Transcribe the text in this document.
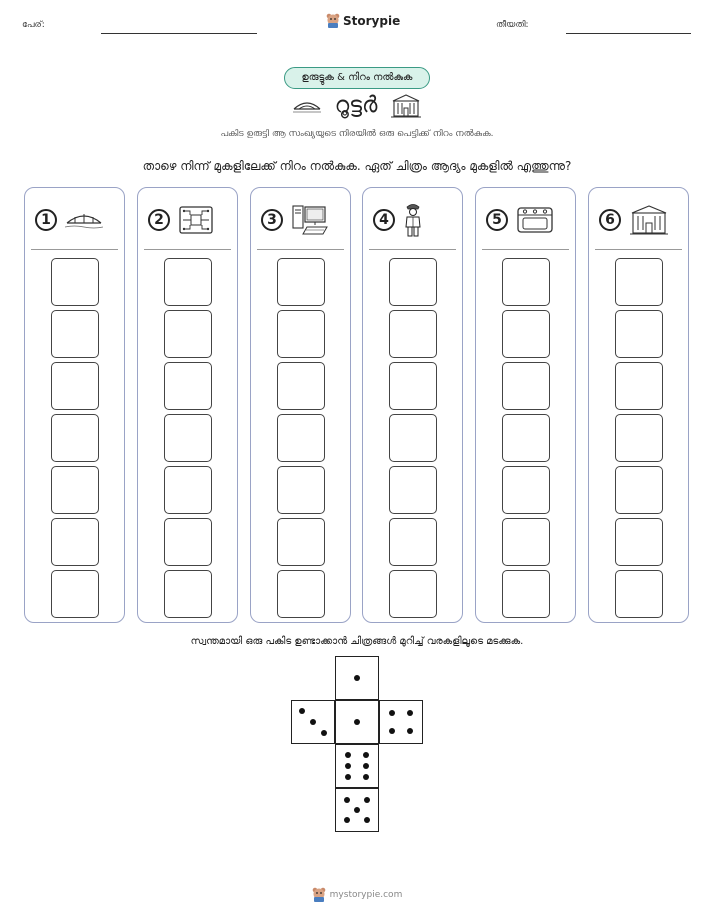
പേര്:	Storypie	തീയതി:
ഉരുട്ടുക & നിറം നൽകുക
റൂട്ടർ
പകിട ഉരുട്ടി ആ സംഖ്യയുടെ നിരയിൽ ഒരു പെട്ടിക്ക് നിറം നൽകുക.
താഴെ നിന്ന് മുകളിലേക്ക് നിറം നൽകുക. ഏത് ചിത്രം ആദ്യം മുകളിൽ എത്തുന്നു?
1	2	3	4	5	6
സ്വന്തമായി ഒരു പകിട ഉണ്ടാക്കാൻ ചിത്രങ്ങൾ മുറിച്ച് വരകളിലൂടെ മടക്കുക.
mystorypie.com
